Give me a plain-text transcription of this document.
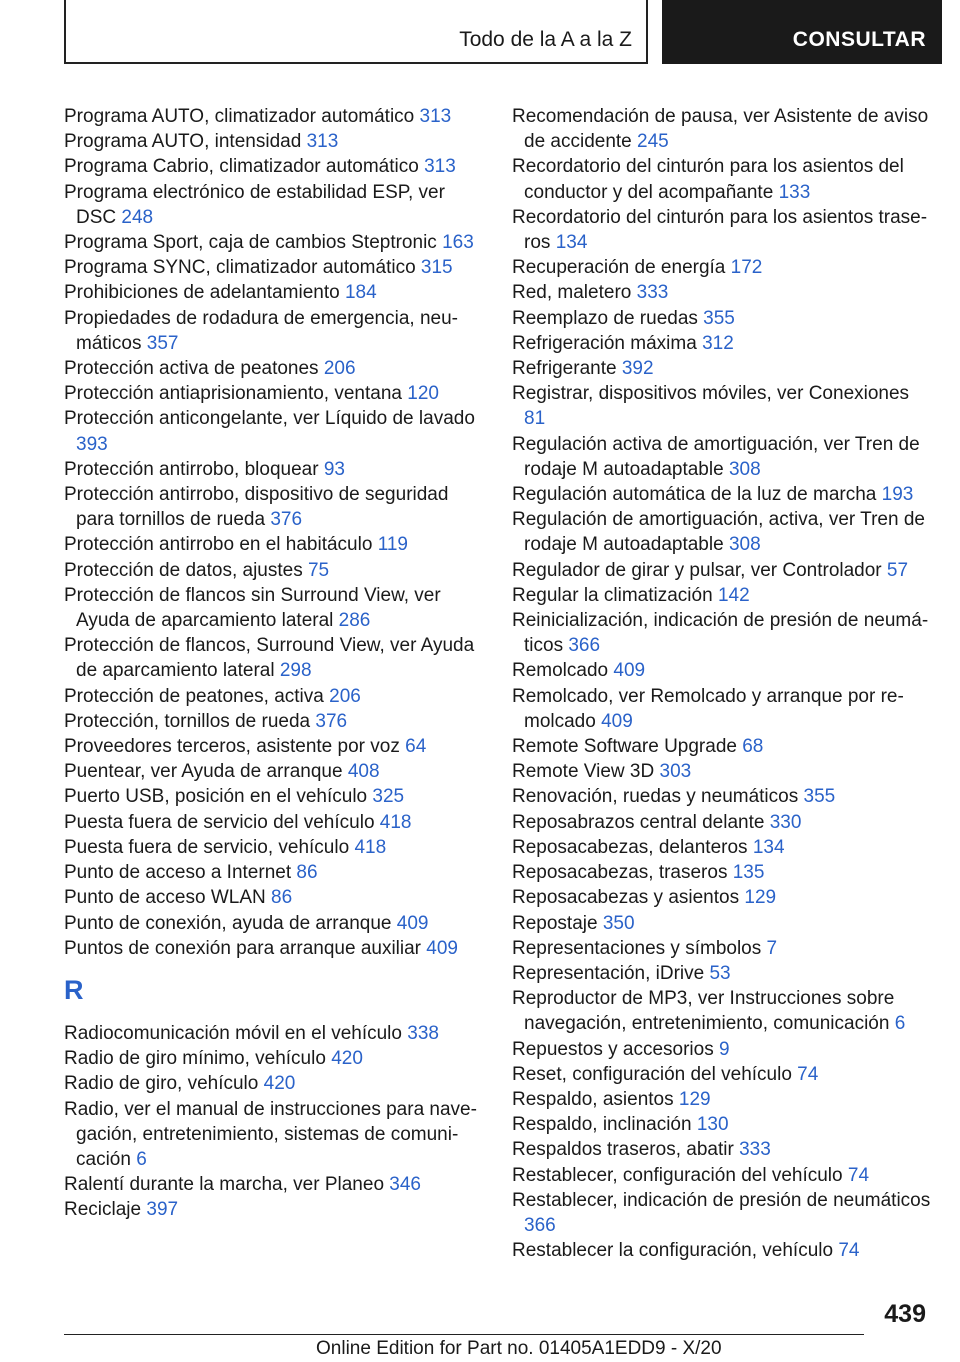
Todo de la A a la Z	CONSULTAR
Programa AUTO, climatizador automático 313
Programa AUTO, intensidad 313
Programa Cabrio, climatizador automático 313
Programa electrónico de estabilidad ESP, ver DSC 248
Programa Sport, caja de cambios Steptronic 163
Programa SYNC, climatizador automático 315
Prohibiciones de adelantamiento 184
Propiedades de rodadura de emergencia, neumáticos 357
Protección activa de peatones 206
Protección antiaprisionamiento, ventana 120
Protección anticongelante, ver Líquido de lavado 393
Protección antirrobo, bloquear 93
Protección antirrobo, dispositivo de seguridad para tornillos de rueda 376
Protección antirrobo en el habitáculo 119
Protección de datos, ajustes 75
Protección de flancos sin Surround View, ver Ayuda de aparcamiento lateral 286
Protección de flancos, Surround View, ver Ayuda de aparcamiento lateral 298
Protección de peatones, activa 206
Protección, tornillos de rueda 376
Proveedores terceros, asistente por voz 64
Puentear, ver Ayuda de arranque 408
Puerto USB, posición en el vehículo 325
Puesta fuera de servicio del vehículo 418
Puesta fuera de servicio, vehículo 418
Punto de acceso a Internet 86
Punto de acceso WLAN 86
Punto de conexión, ayuda de arranque 409
Puntos de conexión para arranque auxiliar 409
R
Radiocomunicación móvil en el vehículo 338
Radio de giro mínimo, vehículo 420
Radio de giro, vehículo 420
Radio, ver el manual de instrucciones para navegación, entretenimiento, sistemas de comunicación 6
Ralentí durante la marcha, ver Planeo 346
Reciclaje 397
Recomendación de pausa, ver Asistente de aviso de accidente 245
Recordatorio del cinturón para los asientos del conductor y del acompañante 133
Recordatorio del cinturón para los asientos traseros 134
Recuperación de energía 172
Red, maletero 333
Reemplazo de ruedas 355
Refrigeración máxima 312
Refrigerante 392
Registrar, dispositivos móviles, ver Conexiones 81
Regulación activa de amortiguación, ver Tren de rodaje M autoadaptable 308
Regulación automática de la luz de marcha 193
Regulación de amortiguación, activa, ver Tren de rodaje M autoadaptable 308
Regulador de girar y pulsar, ver Controlador 57
Regular la climatización 142
Reinicialización, indicación de presión de neumáticos 366
Remolcado 409
Remolcado, ver Remolcado y arranque por remolcado 409
Remote Software Upgrade 68
Remote View 3D 303
Renovación, ruedas y neumáticos 355
Reposabrazos central delante 330
Reposacabezas, delanteros 134
Reposacabezas, traseros 135
Reposacabezas y asientos 129
Repostaje 350
Representaciones y símbolos 7
Representación, iDrive 53
Reproductor de MP3, ver Instrucciones sobre navegación, entretenimiento, comunicación 6
Repuestos y accesorios 9
Reset, configuración del vehículo 74
Respaldo, asientos 129
Respaldo, inclinación 130
Respaldos traseros, abatir 333
Restablecer, configuración del vehículo 74
Restablecer, indicación de presión de neumáticos 366
Restablecer la configuración, vehículo 74
439
Online Edition for Part no. 01405A1EDD9 - X/20
